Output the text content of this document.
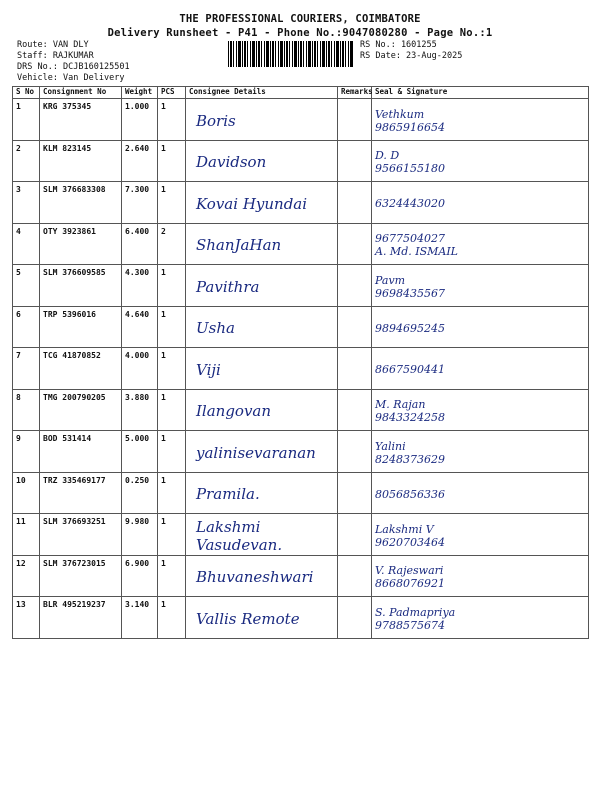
THE PROFESSIONAL COURIERS, COIMBATORE
Delivery Runsheet - P41 - Phone No.:9047080280 - Page No.:1
Route: VAN DLY
Staff: RAJKUMAR
DRS No.: DCJB160125501
Vehicle: Van Delivery
RS No.: 1601255
RS Date: 23-Aug-2025
S No	Consignment No	Weight	PCS	Consignee Details	Remarks	Seal & Signature
1	KRG 375345	1.000	1	Boris		Vethkum
9865916654

2	KLM 823145	2.640	1	Davidson		D. D
9566155180

3	SLM 376683308	7.300	1	Kovai Hyundai		6324443020

4	OTY 3923861	6.400	2	ShanJaHan		9677504027
A. Md. ISMAIL

5	SLM 376609585	4.300	1	Pavithra		Pavm
9698435567

6	TRP 5396016	4.640	1	Usha		9894695245

7	TCG 41870852	4.000	1	Viji		8667590441

8	TMG 200790205	3.880	1	Ilangovan		M. Rajan
9843324258

9	BOD 531414	5.000	1	yalinisevaranan		Yalini
8248373629

10	TRZ 335469177	0.250	1	Pramila.		8056856336

11	SLM 376693251	9.980	1	Lakshmi Vasudevan.		Lakshmi V
9620703464

12	SLM 376723015	6.900	1	Bhuvaneshwari		V. Rajeswari
8668076921

13	BLR 495219237	3.140	1	Vallis Remote		S. Padmapriya
9788575674
